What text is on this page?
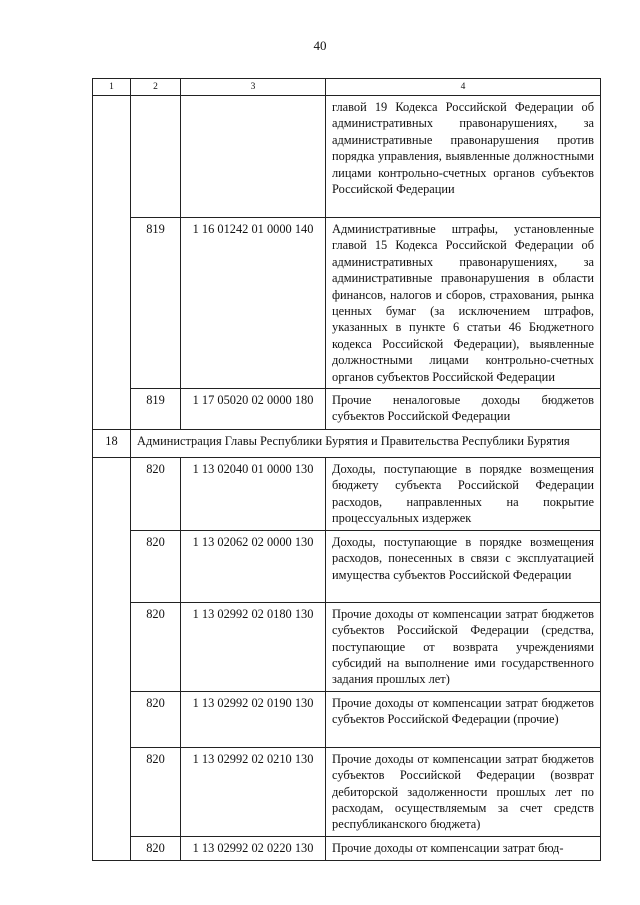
40
1	2	3	4
			главой 19 Кодекса Российской Федерации об административных правонарушениях, за административные правонарушения против порядка управления, выявленные должностными лицами контрольно-счетных органов субъектов Российской Федерации
	819	1 16 01242 01 0000 140	Административные штрафы, установленные главой 15 Кодекса Российской Федерации об административных правонарушениях, за административные правонарушения в области финансов, налогов и сборов, страхования, рынка ценных бумаг (за исключением штрафов, указанных в пункте 6 статьи 46 Бюджетного кодекса Российской Федерации), выявленные должностными лицами контрольно-счетных органов субъектов Российской Федерации
	819	1 17 05020 02 0000 180	Прочие неналоговые доходы бюджетов субъектов Российской Федерации
18	Администрация Главы Республики Бурятия и Правительства Республики Бурятия		
	820	1 13 02040 01 0000 130	Доходы, поступающие в порядке возмещения бюджету субъекта Российской Федерации расходов, направленных на покрытие процессуальных издержек
	820	1 13 02062 02 0000 130	Доходы, поступающие в порядке возмещения расходов, понесенных в связи с эксплуатацией имущества субъектов Российской Федерации
	820	1 13 02992 02 0180 130	Прочие доходы от компенсации затрат бюджетов субъектов Российской Федерации (средства, поступающие от возврата учреждениями субсидий на выполнение ими государственного задания прошлых лет)
	820	1 13 02992 02 0190 130	Прочие доходы от компенсации затрат бюджетов субъектов Российской Федерации (прочие)
	820	1 13 02992 02 0210 130	Прочие доходы от компенсации затрат бюджетов субъектов Российской Федерации (возврат дебиторской задолженности прошлых лет по расходам, осуществляемым за счет средств республиканского бюджета)
	820	1 13 02992 02 0220 130	Прочие доходы от компенсации затрат бюд-
